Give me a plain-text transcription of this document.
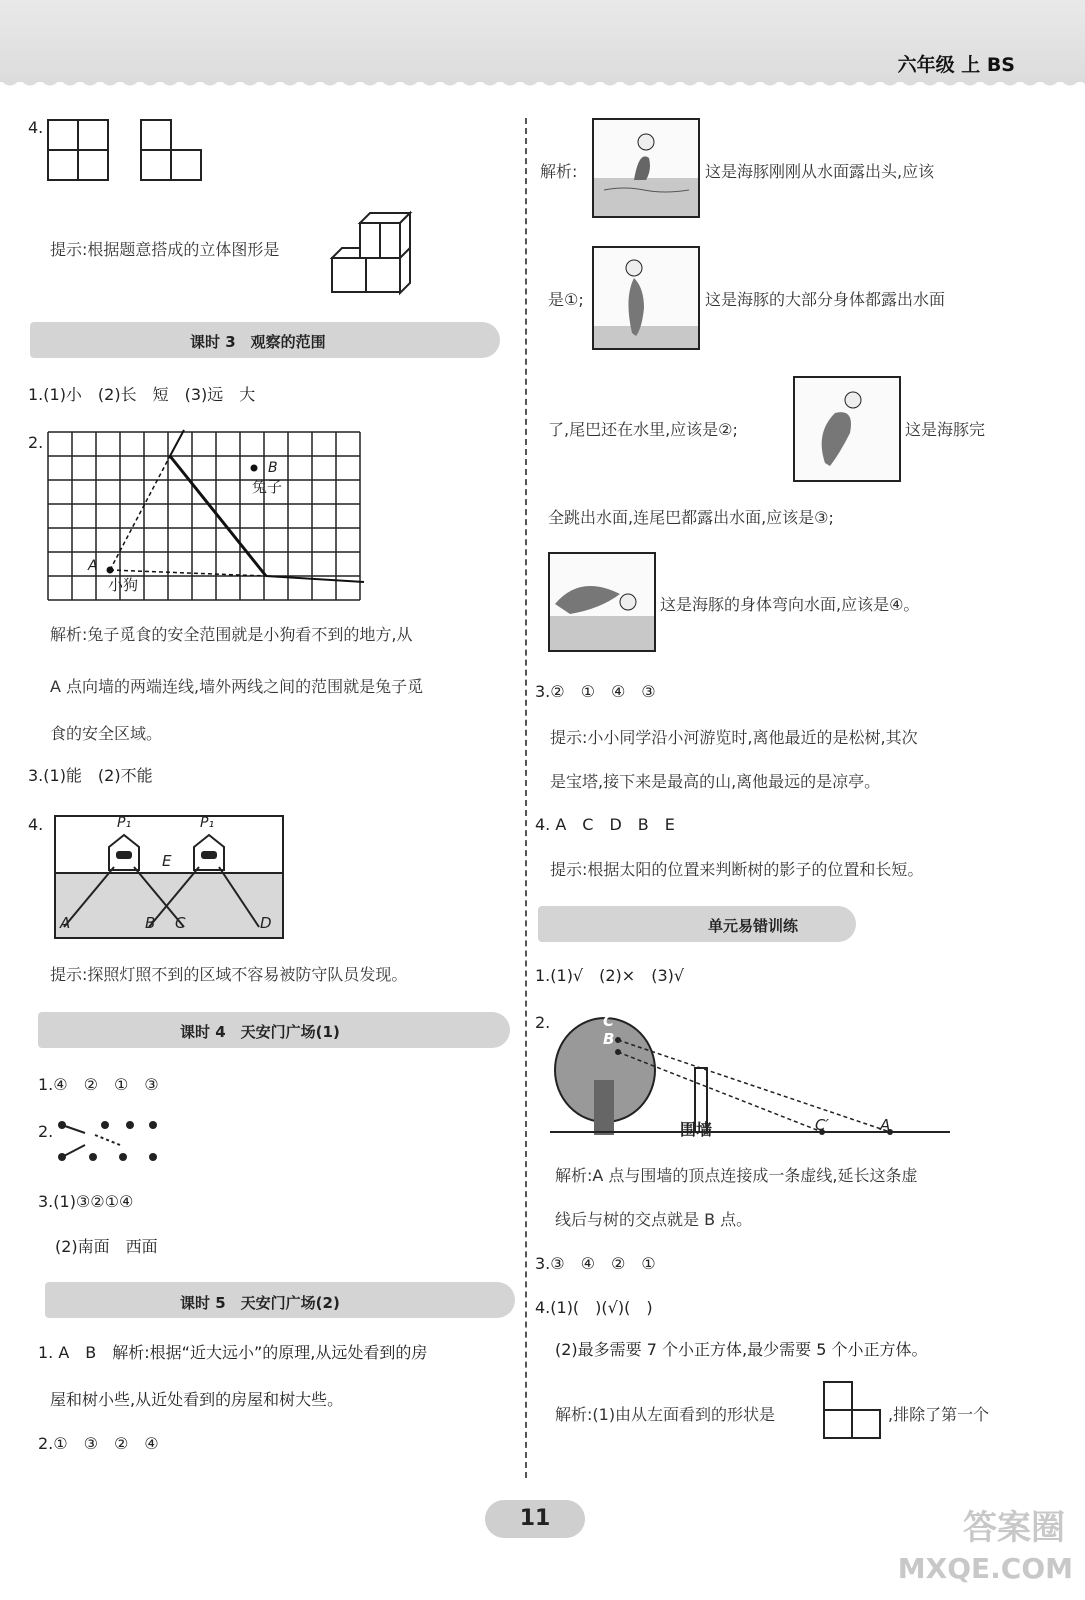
六年级 上 BS
4.
提示:根据题意搭成的立体图形是
课时 3　观察的范围
1.(1)小　(2)长　短　(3)远　大
2.
B
兔子
A
小狗
解析:兔子觅食的安全范围就是小狗看不到的地方,从
A 点向墙的两端连线,墙外两线之间的范围就是兔子觅
食的安全区域。
3.(1)能　(2)不能
4.	P₁	P₁
E
A	B C	D
提示:探照灯照不到的区域不容易被防守队员发现。
课时 4　天安门广场(1)
1.④　②　①　③
2.
3.(1)③②①④
(2)南面　西面
课时 5　天安门广场(2)
1. A　B　解析:根据“近大远小”的原理,从远处看到的房
屋和树小些,从近处看到的房屋和树大些。
2.①　③　②　④
解析:	这是海豚刚刚从水面露出头,应该
是①;	这是海豚的大部分身体都露出水面
了,尾巴还在水里,应该是②;	这是海豚完
全跳出水面,连尾巴都露出水面,应该是③;
这是海豚的身体弯向水面,应该是④。
3.②　①　④　③
提示:小小同学沿小河游览时,离他最近的是松树,其次
是宝塔,接下来是最高的山,离他最远的是凉亭。
4. A　C　D　B　E
提示:根据太阳的位置来判断树的影子的位置和长短。
单元易错训练
1.(1)√　(2)×　(3)√
2.	C
B
围墙	C′	A
解析:A 点与围墙的顶点连接成一条虚线,延长这条虚
线后与树的交点就是 B 点。
3.③　④　②　①
4.(1)(　)(√)(　)
(2)最多需要 7 个小正方体,最少需要 5 个小正方体。
解析:(1)由从左面看到的形状是	,排除了第一个
11	答案圈
MXQE.COM
